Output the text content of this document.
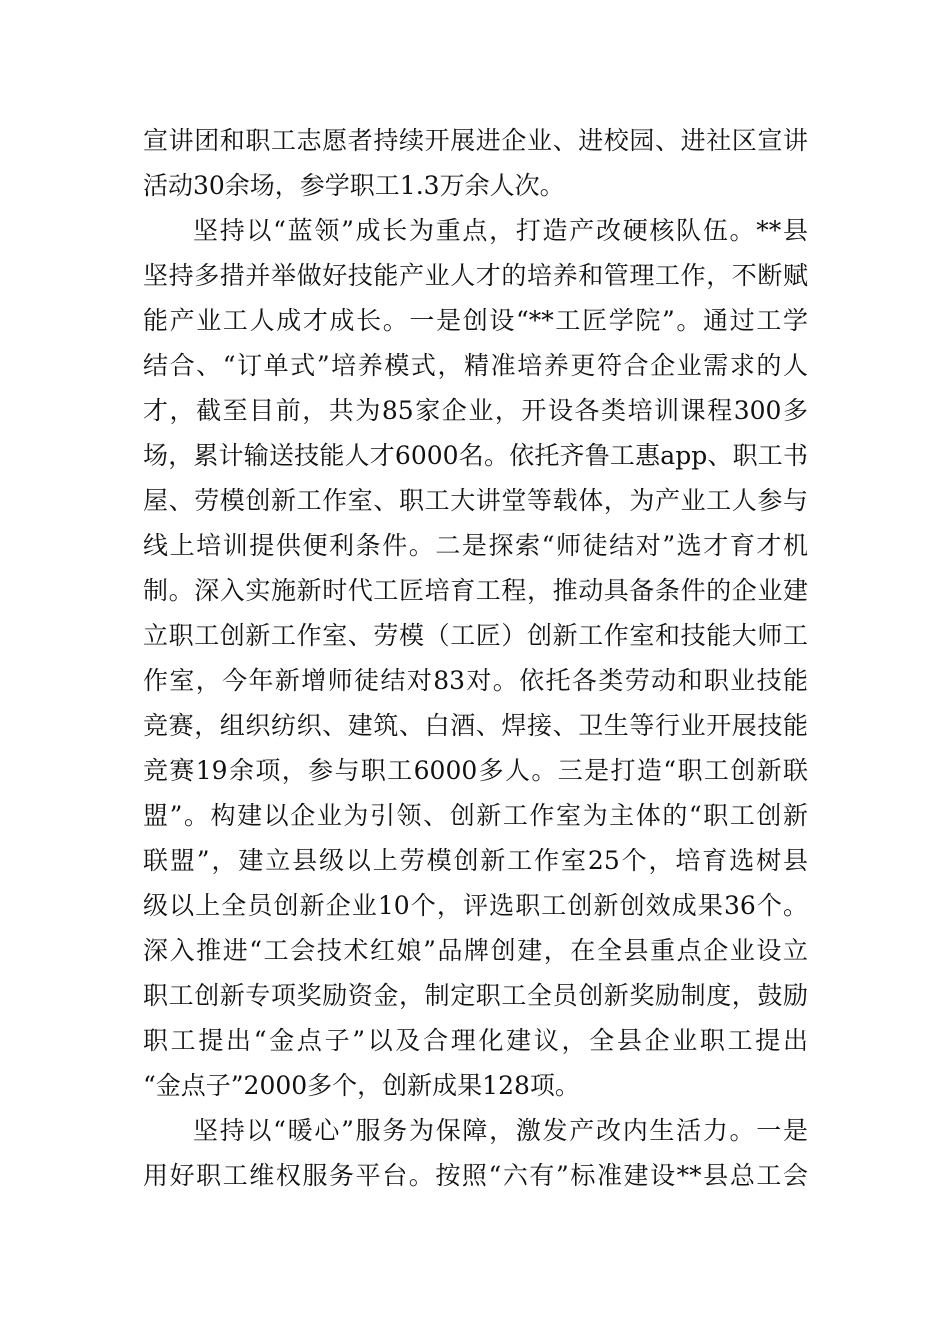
宣讲团和职工志愿者持续开展进企业、进校园、进社区宣讲
活动30余场，参学职工1.3万余人次。
坚持以“蓝领”成长为重点，打造产改硬核队伍。**县
坚持多措并举做好技能产业人才的培养和管理工作，不断赋
能产业工人成才成长。一是创设“**工匠学院”。通过工学
结合、“订单式”培养模式，精准培养更符合企业需求的人
才，截至目前，共为85家企业，开设各类培训课程300多
场，累计输送技能人才6000名。依托齐鲁工惠app、职工书
屋、劳模创新工作室、职工大讲堂等载体，为产业工人参与
线上培训提供便利条件。二是探索“师徒结对”选才育才机
制。深入实施新时代工匠培育工程，推动具备条件的企业建
立职工创新工作室、劳模（工匠）创新工作室和技能大师工
作室，今年新增师徒结对83对。依托各类劳动和职业技能
竞赛，组织纺织、建筑、白酒、焊接、卫生等行业开展技能
竞赛19余项，参与职工6000多人。三是打造“职工创新联
盟”。构建以企业为引领、创新工作室为主体的“职工创新
联盟”，建立县级以上劳模创新工作室25个，培育选树县
级以上全员创新企业10个，评选职工创新创效成果36个。
深入推进“工会技术红娘”品牌创建，在全县重点企业设立
职工创新专项奖励资金，制定职工全员创新奖励制度，鼓励
职工提出“金点子”以及合理化建议，全县企业职工提出
“金点子”2000多个，创新成果128项。
坚持以“暖心”服务为保障，激发产改内生活力。一是
用好职工维权服务平台。按照“六有”标准建设**县总工会
